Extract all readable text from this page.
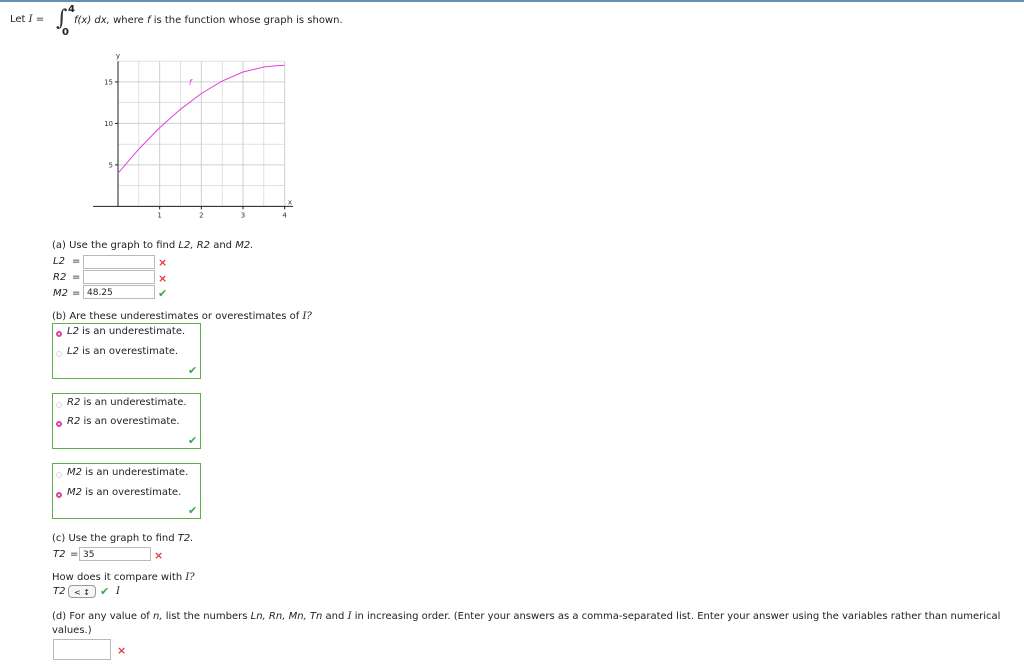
Let I = ∫ 4
0
f(x) dx, where f is the function whose graph is shown.
1	2	3	4
5
10
15
x
y
f
(a) Use the graph to find L2, R2 and M2.
L2 =	×
R2 =	×
M2 = 48.25	✔
(b) Are these underestimates or overestimates of I?
L2 is an underestimate.
L2 is an overestimate.
✔
R2 is an underestimate.
R2 is an overestimate.
✔
M2 is an underestimate.
M2 is an overestimate.
✔
(c) Use the graph to find T2.
T2 = 35	×
How does it compare with I?
T2	< ↕ ✔ I
(d) For any value of n, list the numbers Ln, Rn, Mn, Tn and I in increasing order. (Enter your answers as a comma-separated list. Enter your answer using the variables rather than numerical
values.)
×
